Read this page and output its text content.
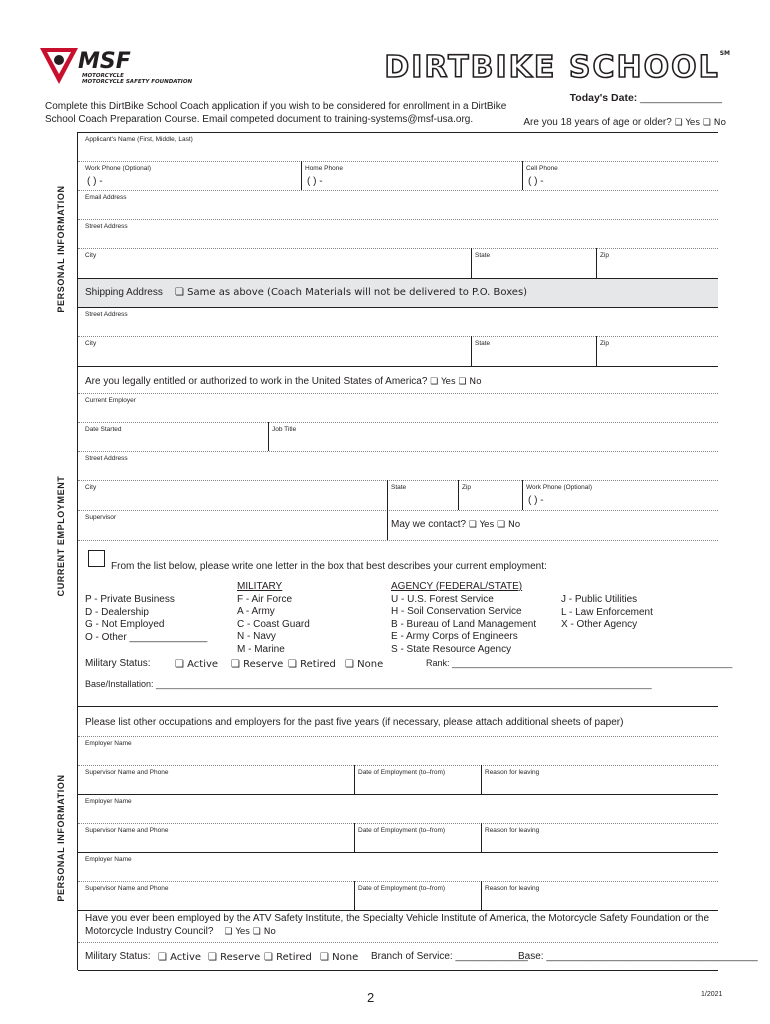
MSF
MOTORCYCLE
MOTORCYCLE SAFETY FOUNDATION	DIRTBIKE SCHOOL℠
Today's Date: ______________
Complete this DirtBike School Coach application if you wish to be considered for enrollment in a DirtBike School Coach Preparation Course. Email competed document to training-systems@msf-usa.org.	Are you 18 years of age or older? ❏ Yes ❏ No
PERSONAL INFORMATION
Applicant's Name (First, Middle, Last)
Work Phone (Optional)	Home Phone	Cell Phone
( ) -	( ) -	( ) -
Email Address
Street Address
City	State	Zip
Shipping Address ❏ Same as above (Coach Materials will not be delivered to P.O. Boxes)
Street Address
City	State	Zip
CURRENT EMPLOYMENT
Are you legally entitled or authorized to work in the United States of America? ❏ Yes ❏ No
Current Employer
Date Started	Job Title
Street Address
City	State	Zip	Work Phone (Optional)
( ) -
Supervisor
May we contact? ❏ Yes ❏ No
From the list below, please write one letter in the box that best describes your current employment:
P - Private Business
D - Dealership
G - Not Employed
O - Other ______________
MILITARY
F - Air Force
A - Army
C - Coast Guard
N - Navy
M - Marine
AGENCY (FEDERAL/STATE)
U - U.S. Forest Service
H - Soil Conservation Service
B - Bureau of Land Management
E - Army Corps of Engineers
S - State Resource Agency
J - Public Utilities
L - Law Enforcement
X - Other Agency
Military Status: ❏ Active ❏ Reserve ❏ Retired ❏ None	Rank: ________________________________________________________
Base/Installation: ___________________________________________________________________________________________________
PERSONAL INFORMATION
Please list other occupations and employers for the past five years (if necessary, please attach additional sheets of paper)
Employer Name
Supervisor Name and Phone	Date of Employment (to–from)	Reason for leaving
Employer Name
Supervisor Name and Phone	Date of Employment (to–from)	Reason for leaving
Employer Name
Supervisor Name and Phone	Date of Employment (to–from)	Reason for leaving
Have you ever been employed by the ATV Safety Institute, the Specialty Vehicle Institute of America, the Motorcycle Safety Foundation or the Motorcycle Industry Council? ❏ Yes ❏ No
Military Status: ❏ Active ❏ Reserve ❏ Retired ❏ None Branch of Service: _____________
Base: ______________________________________
2	1/2021
